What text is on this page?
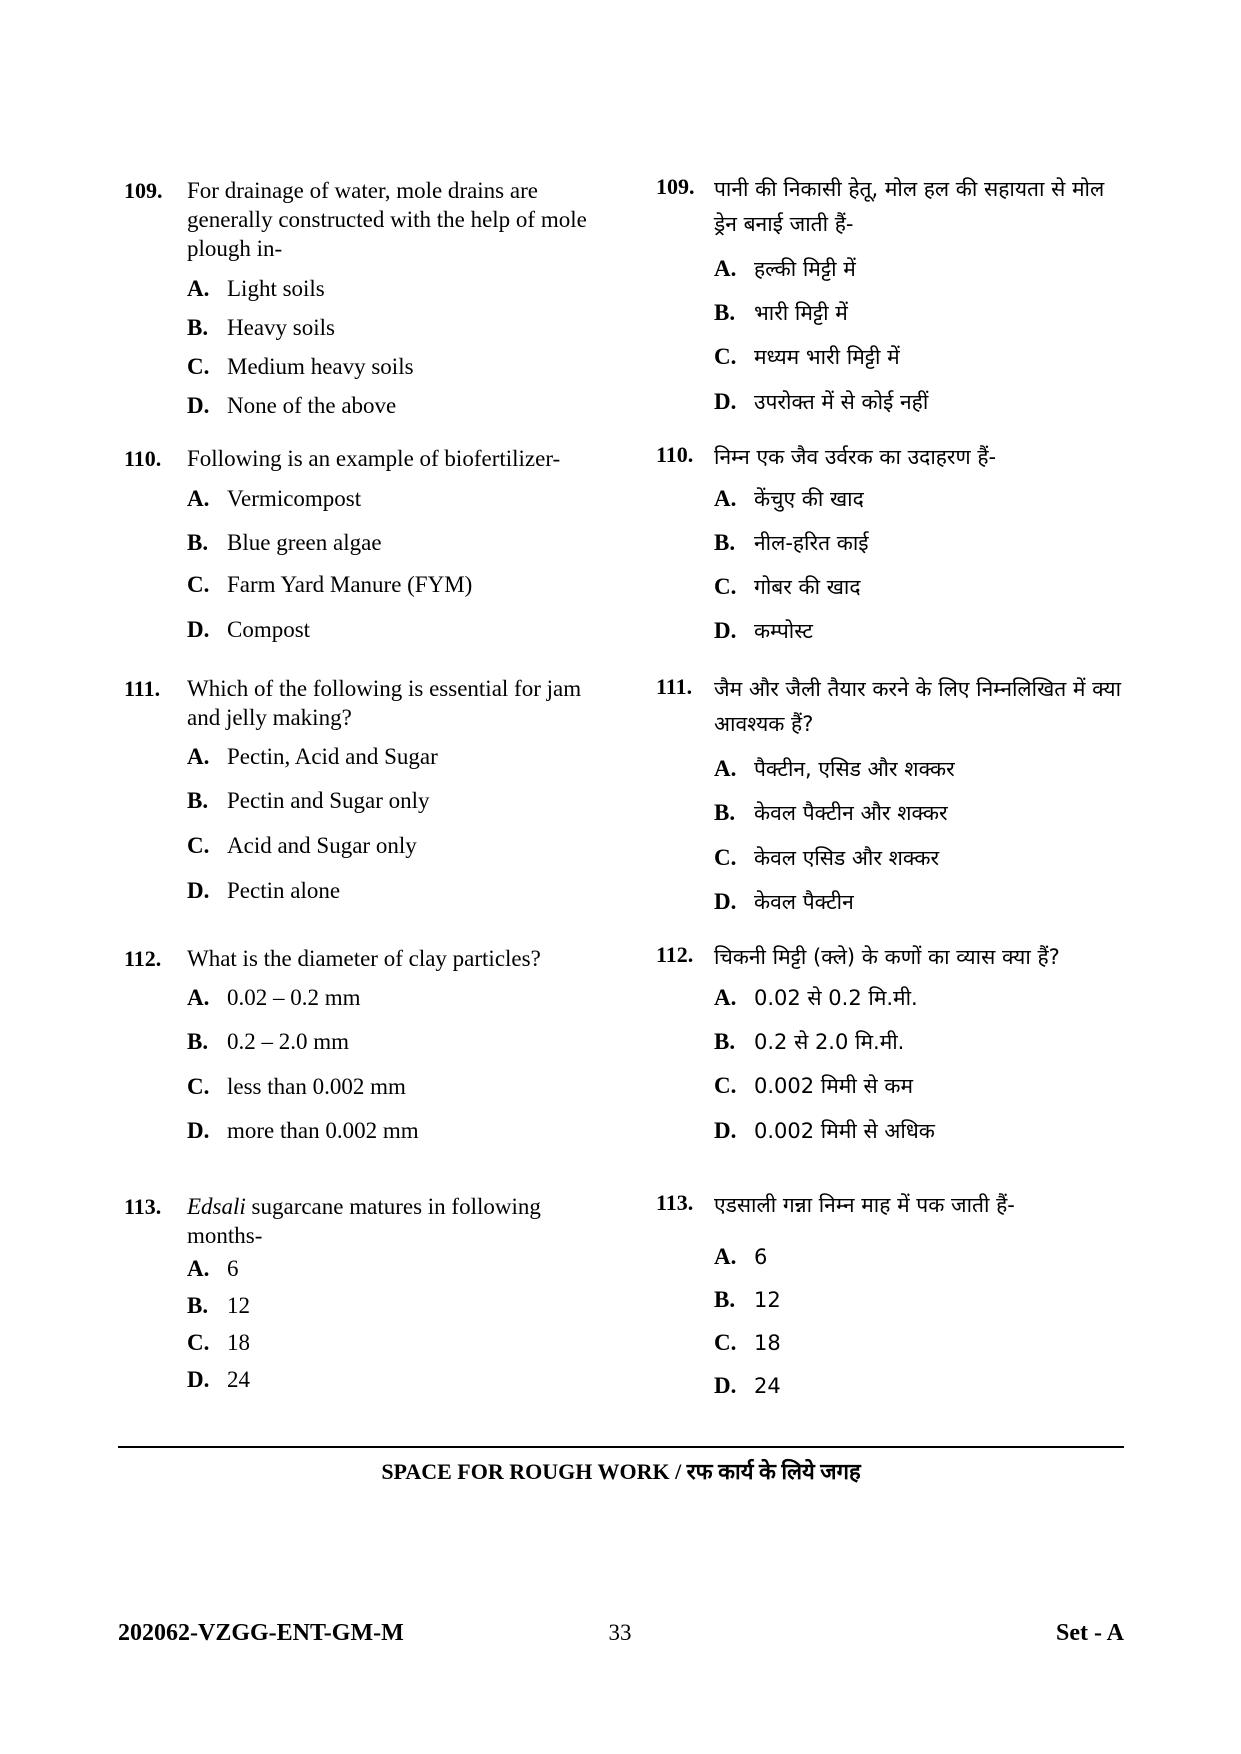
109. For drainage of water, mole drains are generally constructed with the help of mole plough in-
A. Light soils
B. Heavy soils
C. Medium heavy soils
D. None of the above
110. Following is an example of biofertilizer-
A. Vermicompost
B. Blue green algae
C. Farm Yard Manure (FYM)
D. Compost
111. Which of the following is essential for jam and jelly making?
A. Pectin, Acid and Sugar
B. Pectin and Sugar only
C. Acid and Sugar only
D. Pectin alone
112. What is the diameter of clay particles?
A. 0.02 – 0.2 mm
B. 0.2 – 2.0 mm
C. less than 0.002 mm
D. more than 0.002 mm
113. Edsali sugarcane matures in following months-
A. 6
B. 12
C. 18
D. 24
109. पानी की निकासी हेतू, मोल हल की सहायता से मोल ड्रेन बनाई जाती हैं-
A. हल्की मिट्टी में
B. भारी मिट्टी में
C. मध्यम भारी मिट्टी में
D. उपरोक्त में से कोई नहीं
110. निम्न एक जैव उर्वरक का उदाहरण हैं-
A. केंचुए की खाद
B. नील-हरित काई
C. गोबर की खाद
D. कम्पोस्ट
111. जैम और जैली तैयार करने के लिए निम्नलिखित में क्या आवश्यक हैं?
A. पैक्टीन, एसिड और शक्कर
B. केवल पैक्टीन और शक्कर
C. केवल एसिड और शक्कर
D. केवल पैक्टीन
112. चिकनी मिट्टी (क्ले) के कणों का व्यास क्या हैं?
A. 0.02 से 0.2 मि.मी.
B. 0.2 से 2.0 मि.मी.
C. 0.002 मिमी से कम
D. 0.002 मिमी से अधिक
113. एडसाली गन्ना निम्न माह में पक जाती हैं-
A. 6
B. 12
C. 18
D. 24
SPACE FOR ROUGH WORK / रफ कार्य के लिये जगह
202062-VZGG-ENT-GM-M	33	Set - A
